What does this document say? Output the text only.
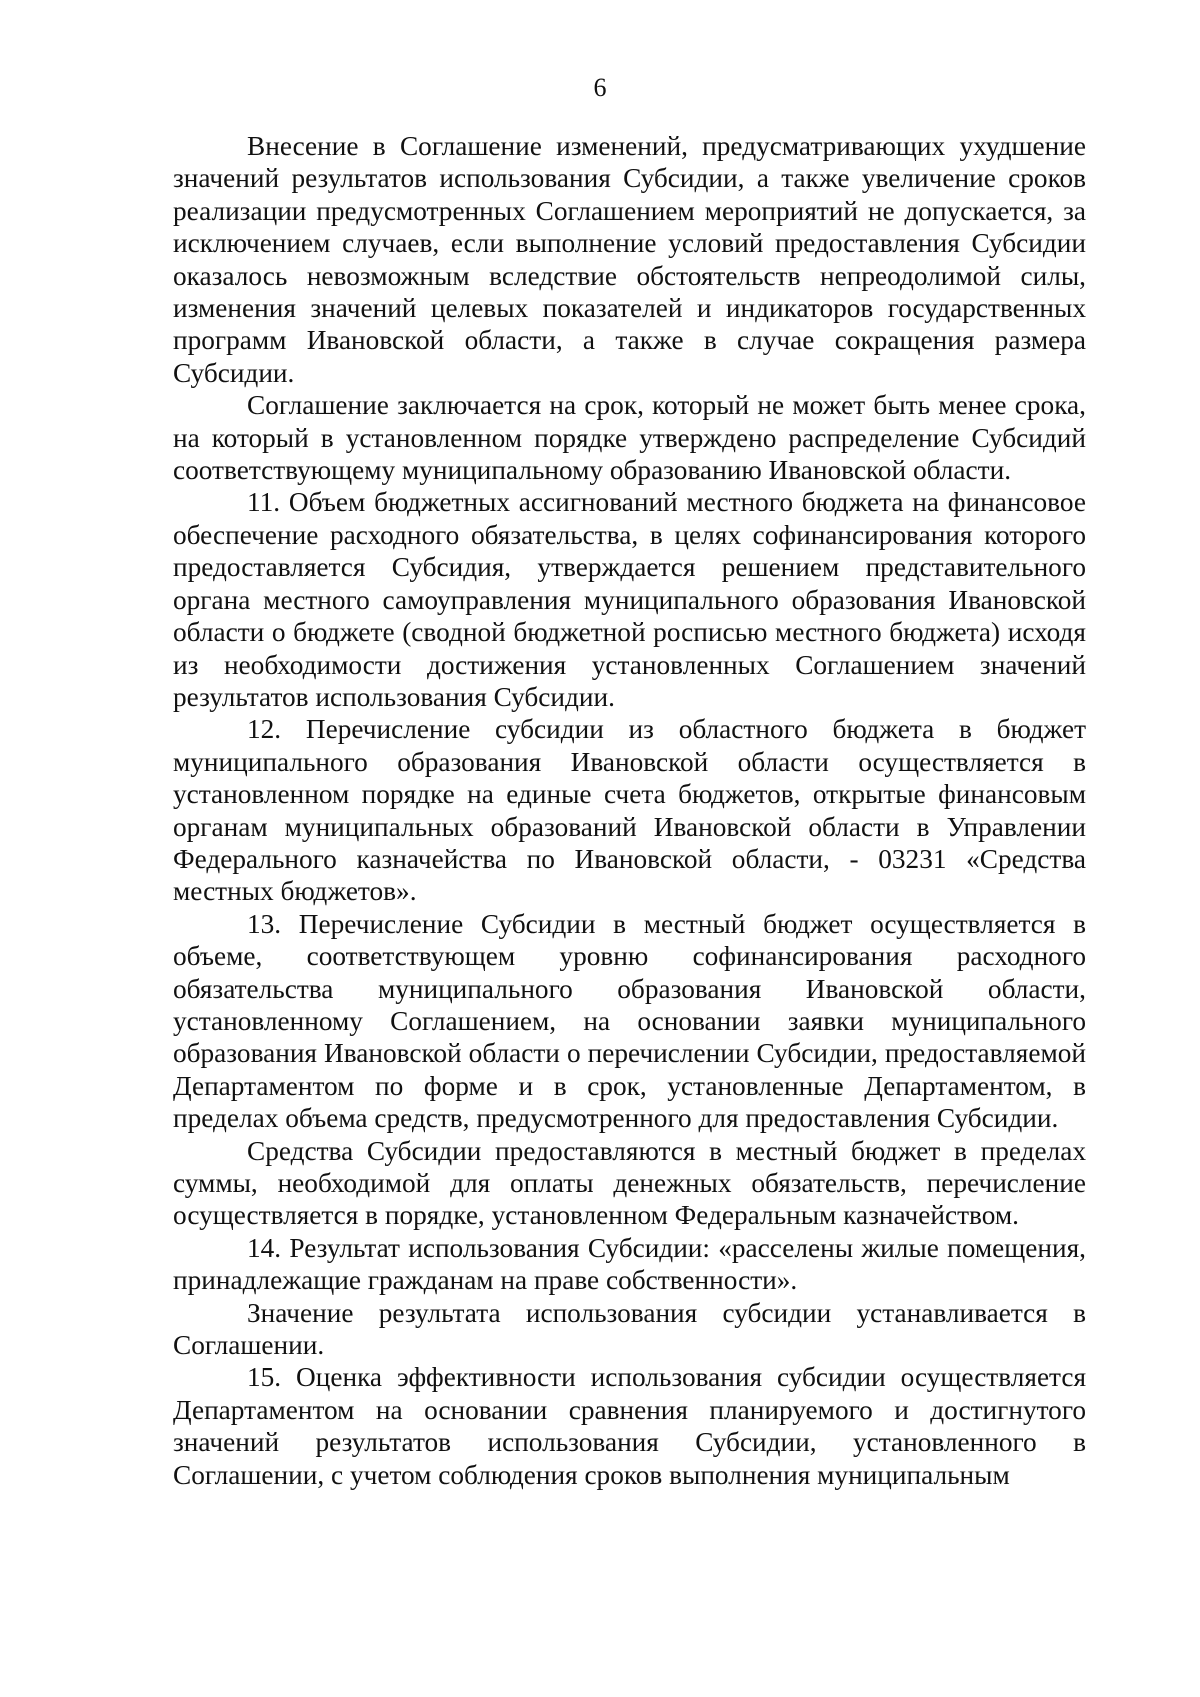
6

Внесение в Соглашение изменений, предусматривающих ухудшение значений результатов использования Субсидии, а также увеличение сроков реализации предусмотренных Соглашением мероприятий не допускается, за исключением случаев, если выполнение условий предоставления Субсидии оказалось невозможным вследствие обстоятельств непреодолимой силы, изменения значений целевых показателей и индикаторов государственных программ Ивановской области, а также в случае сокращения размера Субсидии.

Соглашение заключается на срок, который не может быть менее срока, на который в установленном порядке утверждено распределение Субсидий соответствующему муниципальному образованию Ивановской области.

11. Объем бюджетных ассигнований местного бюджета на финансовое обеспечение расходного обязательства, в целях софинансирования которого предоставляется Субсидия, утверждается решением представительного органа местного самоуправления муниципального образования Ивановской области о бюджете (сводной бюджетной росписью местного бюджета) исходя из необходимости достижения установленных Соглашением значений результатов использования Субсидии.

12. Перечисление субсидии из областного бюджета в бюджет муниципального образования Ивановской области осуществляется в установленном порядке на единые счета бюджетов, открытые финансовым органам муниципальных образований Ивановской области в Управлении Федерального казначейства по Ивановской области, - 03231 «Средства местных бюджетов».

13. Перечисление Субсидии в местный бюджет осуществляется в объеме, соответствующем уровню софинансирования расходного обязательства муниципального образования Ивановской области, установленному Соглашением, на основании заявки муниципального образования Ивановской области о перечислении Субсидии, предоставляемой Департаментом по форме и в срок, установленные Департаментом, в пределах объема средств, предусмотренного для предоставления Субсидии.

Средства Субсидии предоставляются в местный бюджет в пределах суммы, необходимой для оплаты денежных обязательств, перечисление осуществляется в порядке, установленном Федеральным казначейством.

14. Результат использования Субсидии: «расселены жилые помещения, принадлежащие гражданам на праве собственности».

Значение результата использования субсидии устанавливается в Соглашении.

15. Оценка эффективности использования субсидии осуществляется Департаментом на основании сравнения планируемого и достигнутого значений результатов использования Субсидии, установленного в Соглашении, с учетом соблюдения сроков выполнения муниципальным
